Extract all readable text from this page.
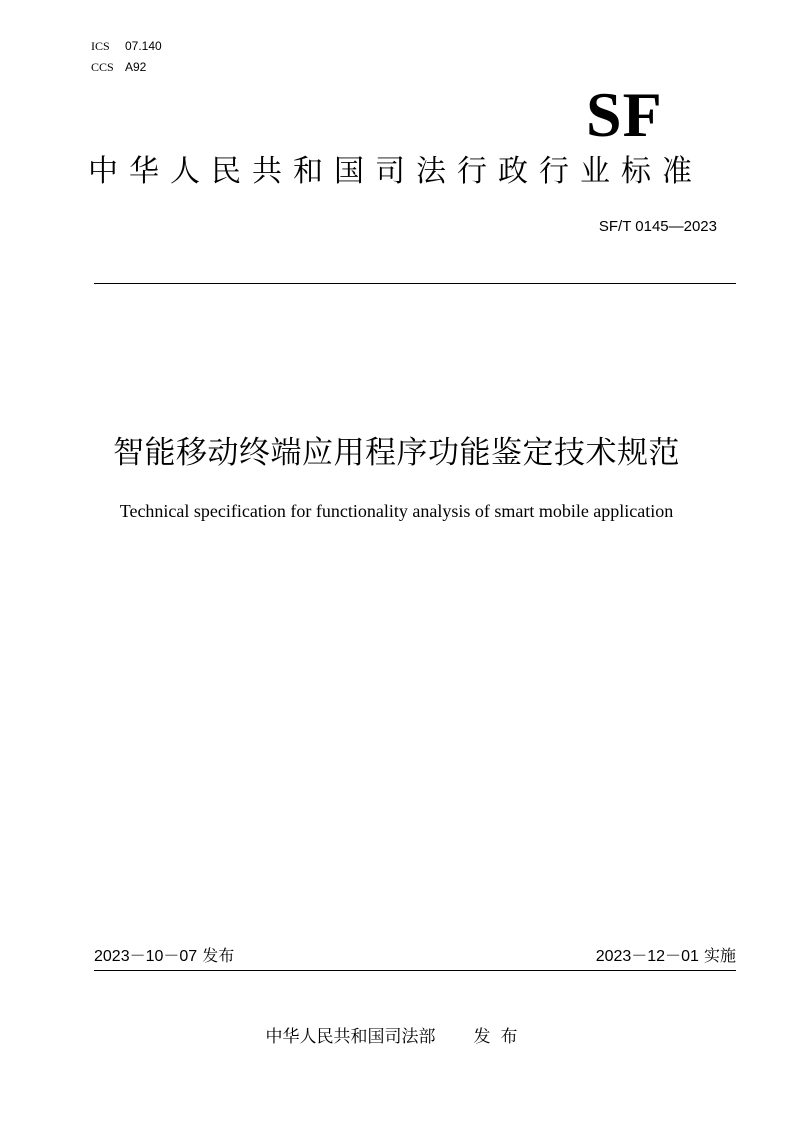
ICS 07.140
CCS A92
SF
中华人民共和国司法行政行业标准
SF/T 0145—2023
智能移动终端应用程序功能鉴定技术规范
Technical specification for functionality analysis of smart mobile application
2023－10－07 发布	2023－12－01 实施
中华人民共和国司法部 发布
